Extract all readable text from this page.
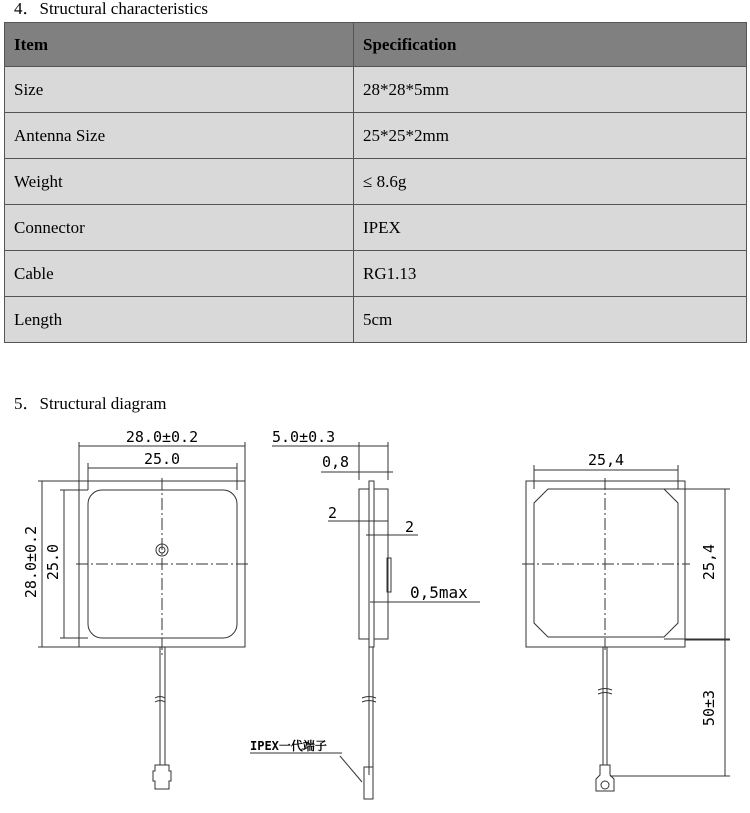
4．Structural characteristics
Item	Specification
Size	28*28*5mm
Antenna Size	25*25*2mm
Weight	≤ 8.6g
Connector	IPEX
Cable	RG1.13
Length	5cm
5．Structural diagram
28.0±0.2
25.0
28.0±0.2 25.0
5.0±0.3
0,8
2
2
0,5max
IPEX一代端子
25,4
25,4
50±3
